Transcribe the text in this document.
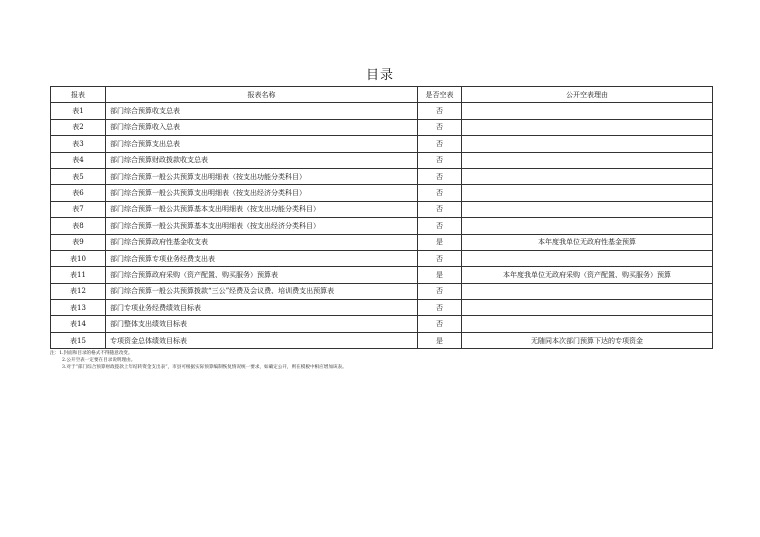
目录
报表	报表名称	是否空表	公开空表理由
表1	部门综合预算收支总表	否	
表2	部门综合预算收入总表	否	
表3	部门综合预算支出总表	否	
表4	部门综合预算财政拨款收支总表	否	
表5	部门综合预算一般公共预算支出明细表（按支出功能分类科目）	否	
表6	部门综合预算一般公共预算支出明细表（按支出经济分类科目）	否	
表7	部门综合预算一般公共预算基本支出明细表（按支出功能分类科目）	否	
表8	部门综合预算一般公共预算基本支出明细表（按支出经济分类科目）	否	
表9	部门综合预算政府性基金收支表	是	本年度我单位无政府性基金预算
表10	部门综合预算专项业务经费支出表	否	
表11	部门综合预算政府采购（资产配置、购买服务）预算表	是	本年度我单位无政府采购（资产配置、购买服务）预算
表12	部门综合预算一般公共预算拨款“三公”经费及会议费、培训费支出预算表	否	
表13	部门专项业务经费绩效目标表	否	
表14	部门整体支出绩效目标表	否	
表15	专项资金总体绩效目标表	是	无随同本次部门预算下达的专项资金
注：1.封面和目录的格式不得随意改变。
2.公开空表一定要在目录说明理由。
3.对于“部门综合预算财政拨款上年结转资金支出表”，市县可根据实际预算编制恢复情况统一要求，如确定公开，则在模板中相应增加该表。
